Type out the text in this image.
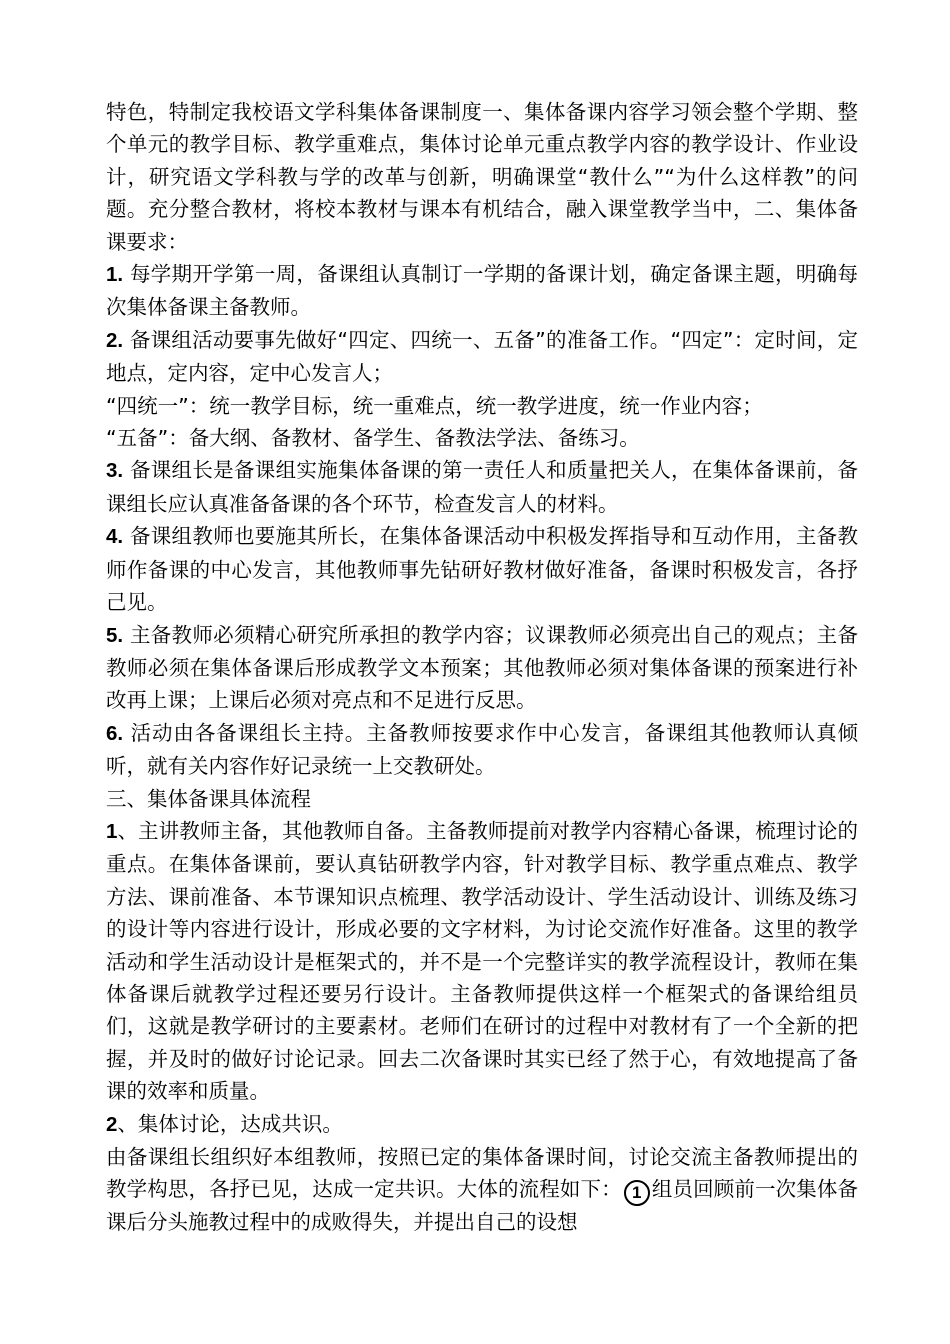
特色，特制定我校语文学科集体备课制度一、集体备课内容学习领会整个学期、整个单元的教学目标、教学重难点，集体讨论单元重点教学内容的教学设计、作业设计，研究语文学科教与学的改革与创新，明确课堂“教什么”“为什么这样教”的问题。充分整合教材，将校本教材与课本有机结合，融入课堂教学当中，二、集体备课要求：

1. 每学期开学第一周，备课组认真制订一学期的备课计划，确定备课主题，明确每次集体备课主备教师。

2. 备课组活动要事先做好“四定、四统一、五备”的准备工作。“四定”：定时间，定地点，定内容，定中心发言人；

“四统一”：统一教学目标，统一重难点，统一教学进度，统一作业内容；

“五备”：备大纲、备教材、备学生、备教法学法、备练习。

3. 备课组长是备课组实施集体备课的第一责任人和质量把关人，在集体备课前，备课组长应认真准备备课的各个环节，检查发言人的材料。

4. 备课组教师也要施其所长，在集体备课活动中积极发挥指导和互动作用，主备教师作备课的中心发言，其他教师事先钻研好教材做好准备，备课时积极发言，各抒己见。

5. 主备教师必须精心研究所承担的教学内容；议课教师必须亮出自己的观点；主备教师必须在集体备课后形成教学文本预案；其他教师必须对集体备课的预案进行补改再上课；上课后必须对亮点和不足进行反思。

6. 活动由各备课组长主持。主备教师按要求作中心发言，备课组其他教师认真倾听，就有关内容作好记录统一上交教研处。

三、集体备课具体流程

1、主讲教师主备，其他教师自备。主备教师提前对教学内容精心备课，梳理讨论的重点。在集体备课前，要认真钻研教学内容，针对教学目标、教学重点难点、教学方法、课前准备、本节课知识点梳理、教学活动设计、学生活动设计、训练及练习的设计等内容进行设计，形成必要的文字材料，为讨论交流作好准备。这里的教学活动和学生活动设计是框架式的，并不是一个完整详实的教学流程设计，教师在集体备课后就教学过程还要另行设计。主备教师提供这样一个框架式的备课给组员们，这就是教学研讨的主要素材。老师们在研讨的过程中对教材有了一个全新的把握，并及时的做好讨论记录。回去二次备课时其实已经了然于心，有效地提高了备课的效率和质量。

2、集体讨论，达成共识。

由备课组长组织好本组教师，按照已定的集体备课时间，讨论交流主备教师提出的教学构思，各抒已见，达成一定共识。大体的流程如下： 1 组员回顾前一次集体备课后分头施教过程中的成败得失，并提出自己的设想
